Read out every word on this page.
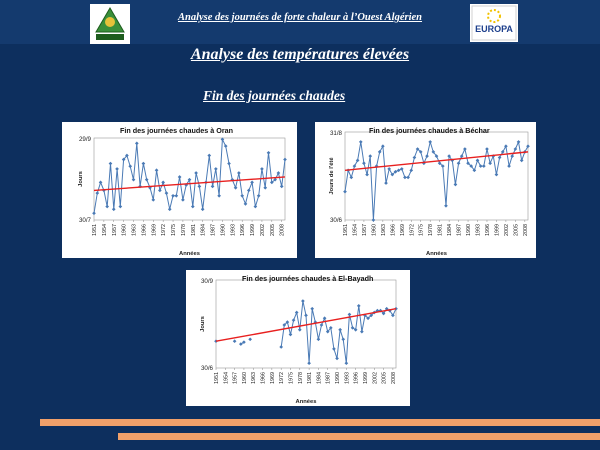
Analyse des journées de forte chaleur à l’Ouest Algérien
EUROPA
Analyse des températures élevées
Fin des journées chaudes
Fin des journées chaudes à Oran
29/9
30/7
Jours
1951 1954 1957 1960 1963 1966 1969 1972 1975 1978 1981 1984 1987 1990 1993 1996 1999 2002 2005 2008
Années
Fin des journées chaudes à Béchar
31/8
30/6
Jours de l'été
1951 1954 1957 1960 1963 1966 1969 1972 1975 1978 1981 1984 1987 1990 1993 1996 1999 2002 2005 2008
Années
Fin des journées chaudes à El-Bayadh
30/9
30/6
Jours
1951 1954 1957 1960 1963 1966 1969 1972 1975 1978 1981 1984 1987 1990 1993 1996 1999 2002 2005 2008
Années
